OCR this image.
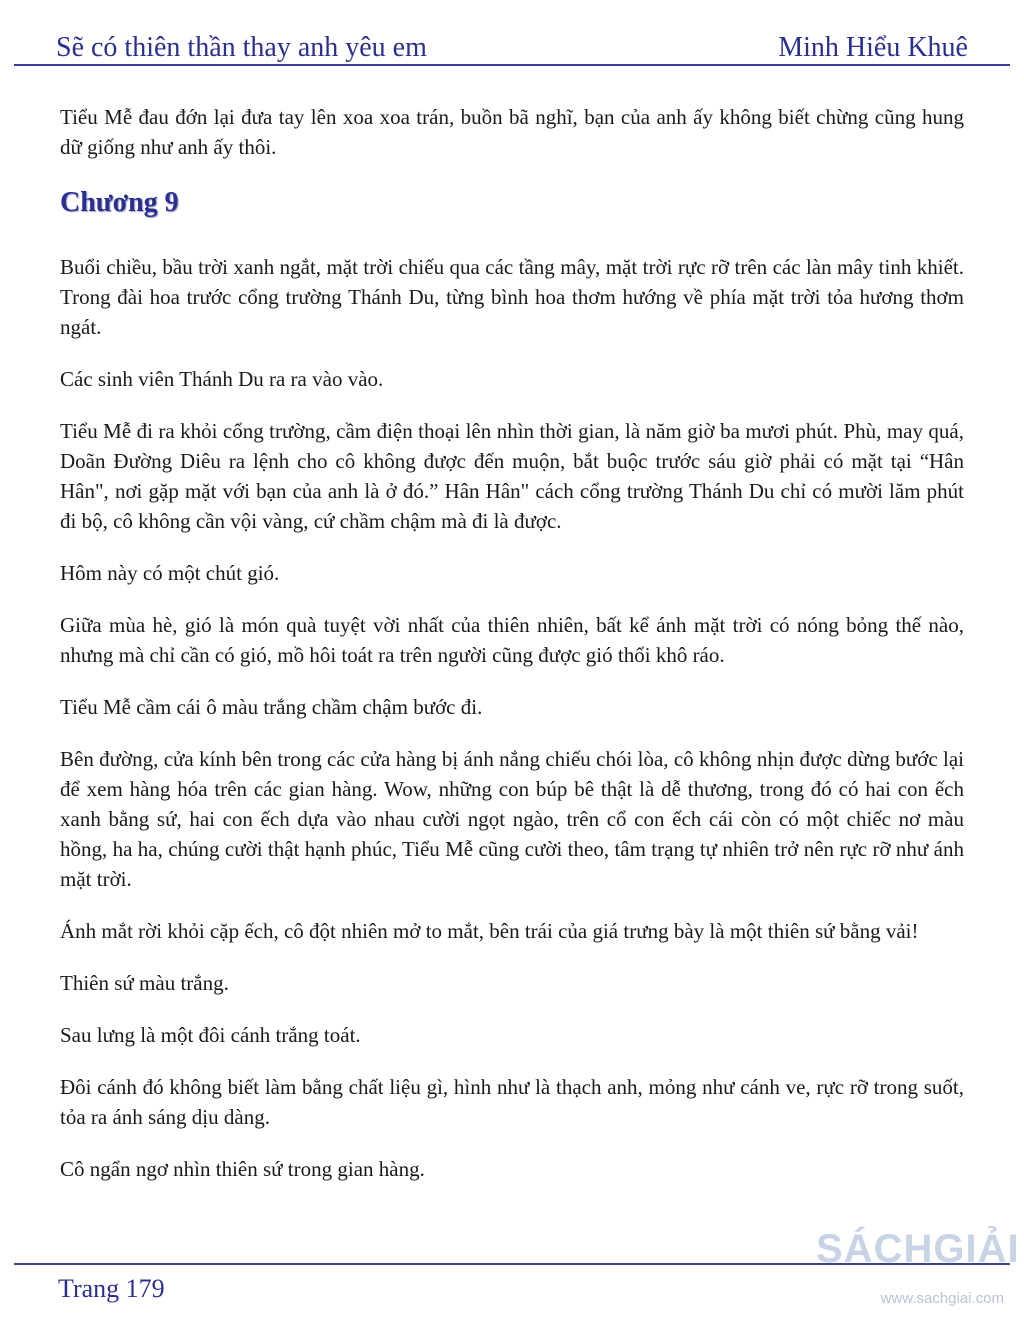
Sẽ có thiên thần thay anh yêu em	Minh Hiểu Khuê

Tiểu Mễ đau đớn lại đưa tay lên xoa xoa trán, buồn bã nghĩ, bạn của anh ấy không biết chừng cũng hung dữ giống như anh ấy thôi.

Chương 9

Buổi chiều, bầu trời xanh ngắt, mặt trời chiếu qua các tầng mây, mặt trời rực rỡ trên các làn mây tinh khiết. Trong đài hoa trước cổng trường Thánh Du, từng bình hoa thơm hướng về phía mặt trời tỏa hương thơm ngát.

Các sinh viên Thánh Du ra ra vào vào.

Tiểu Mễ đi ra khỏi cổng trường, cầm điện thoại lên nhìn thời gian, là năm giờ ba mươi phút. Phù, may quá, Doãn Đường Diêu ra lệnh cho cô không được đến muộn, bắt buộc trước sáu giờ phải có mặt tại “Hân Hân", nơi gặp mặt với bạn của anh là ở đó.” Hân Hân" cách cổng trường Thánh Du chỉ có mười lăm phút đi bộ, cô không cần vội vàng, cứ chầm chậm mà đi là được.

Hôm này có một chút gió.

Giữa mùa hè, gió là món quà tuyệt vời nhất của thiên nhiên, bất kể ánh mặt trời có nóng bỏng thế nào, nhưng mà chỉ cần có gió, mồ hôi toát ra trên người cũng được gió thổi khô ráo.

Tiểu Mễ cầm cái ô màu trắng chầm chậm bước đi.

Bên đường, cửa kính bên trong các cửa hàng bị ánh nắng chiếu chói lòa, cô không nhịn được dừng bước lại để xem hàng hóa trên các gian hàng. Wow, những con búp bê thật là dễ thương, trong đó có hai con ếch xanh bằng sứ, hai con ếch dựa vào nhau cười ngọt ngào, trên cổ con ếch cái còn có một chiếc nơ màu hồng, ha ha, chúng cười thật hạnh phúc, Tiểu Mễ cũng cười theo, tâm trạng tự nhiên trở nên rực rỡ như ánh mặt trời.

Ánh mắt rời khỏi cặp ếch, cô đột nhiên mở to mắt, bên trái của giá trưng bày là một thiên sứ bằng vải!

Thiên sứ màu trắng.

Sau lưng là một đôi cánh trắng toát.

Đôi cánh đó không biết làm bằng chất liệu gì, hình như là thạch anh, mỏng như cánh ve, rực rỡ trong suốt, tỏa ra ánh sáng dịu dàng.

Cô ngẩn ngơ nhìn thiên sứ trong gian hàng.

Trang 179
SÁCHGIẢI
www.sachgiai.com
